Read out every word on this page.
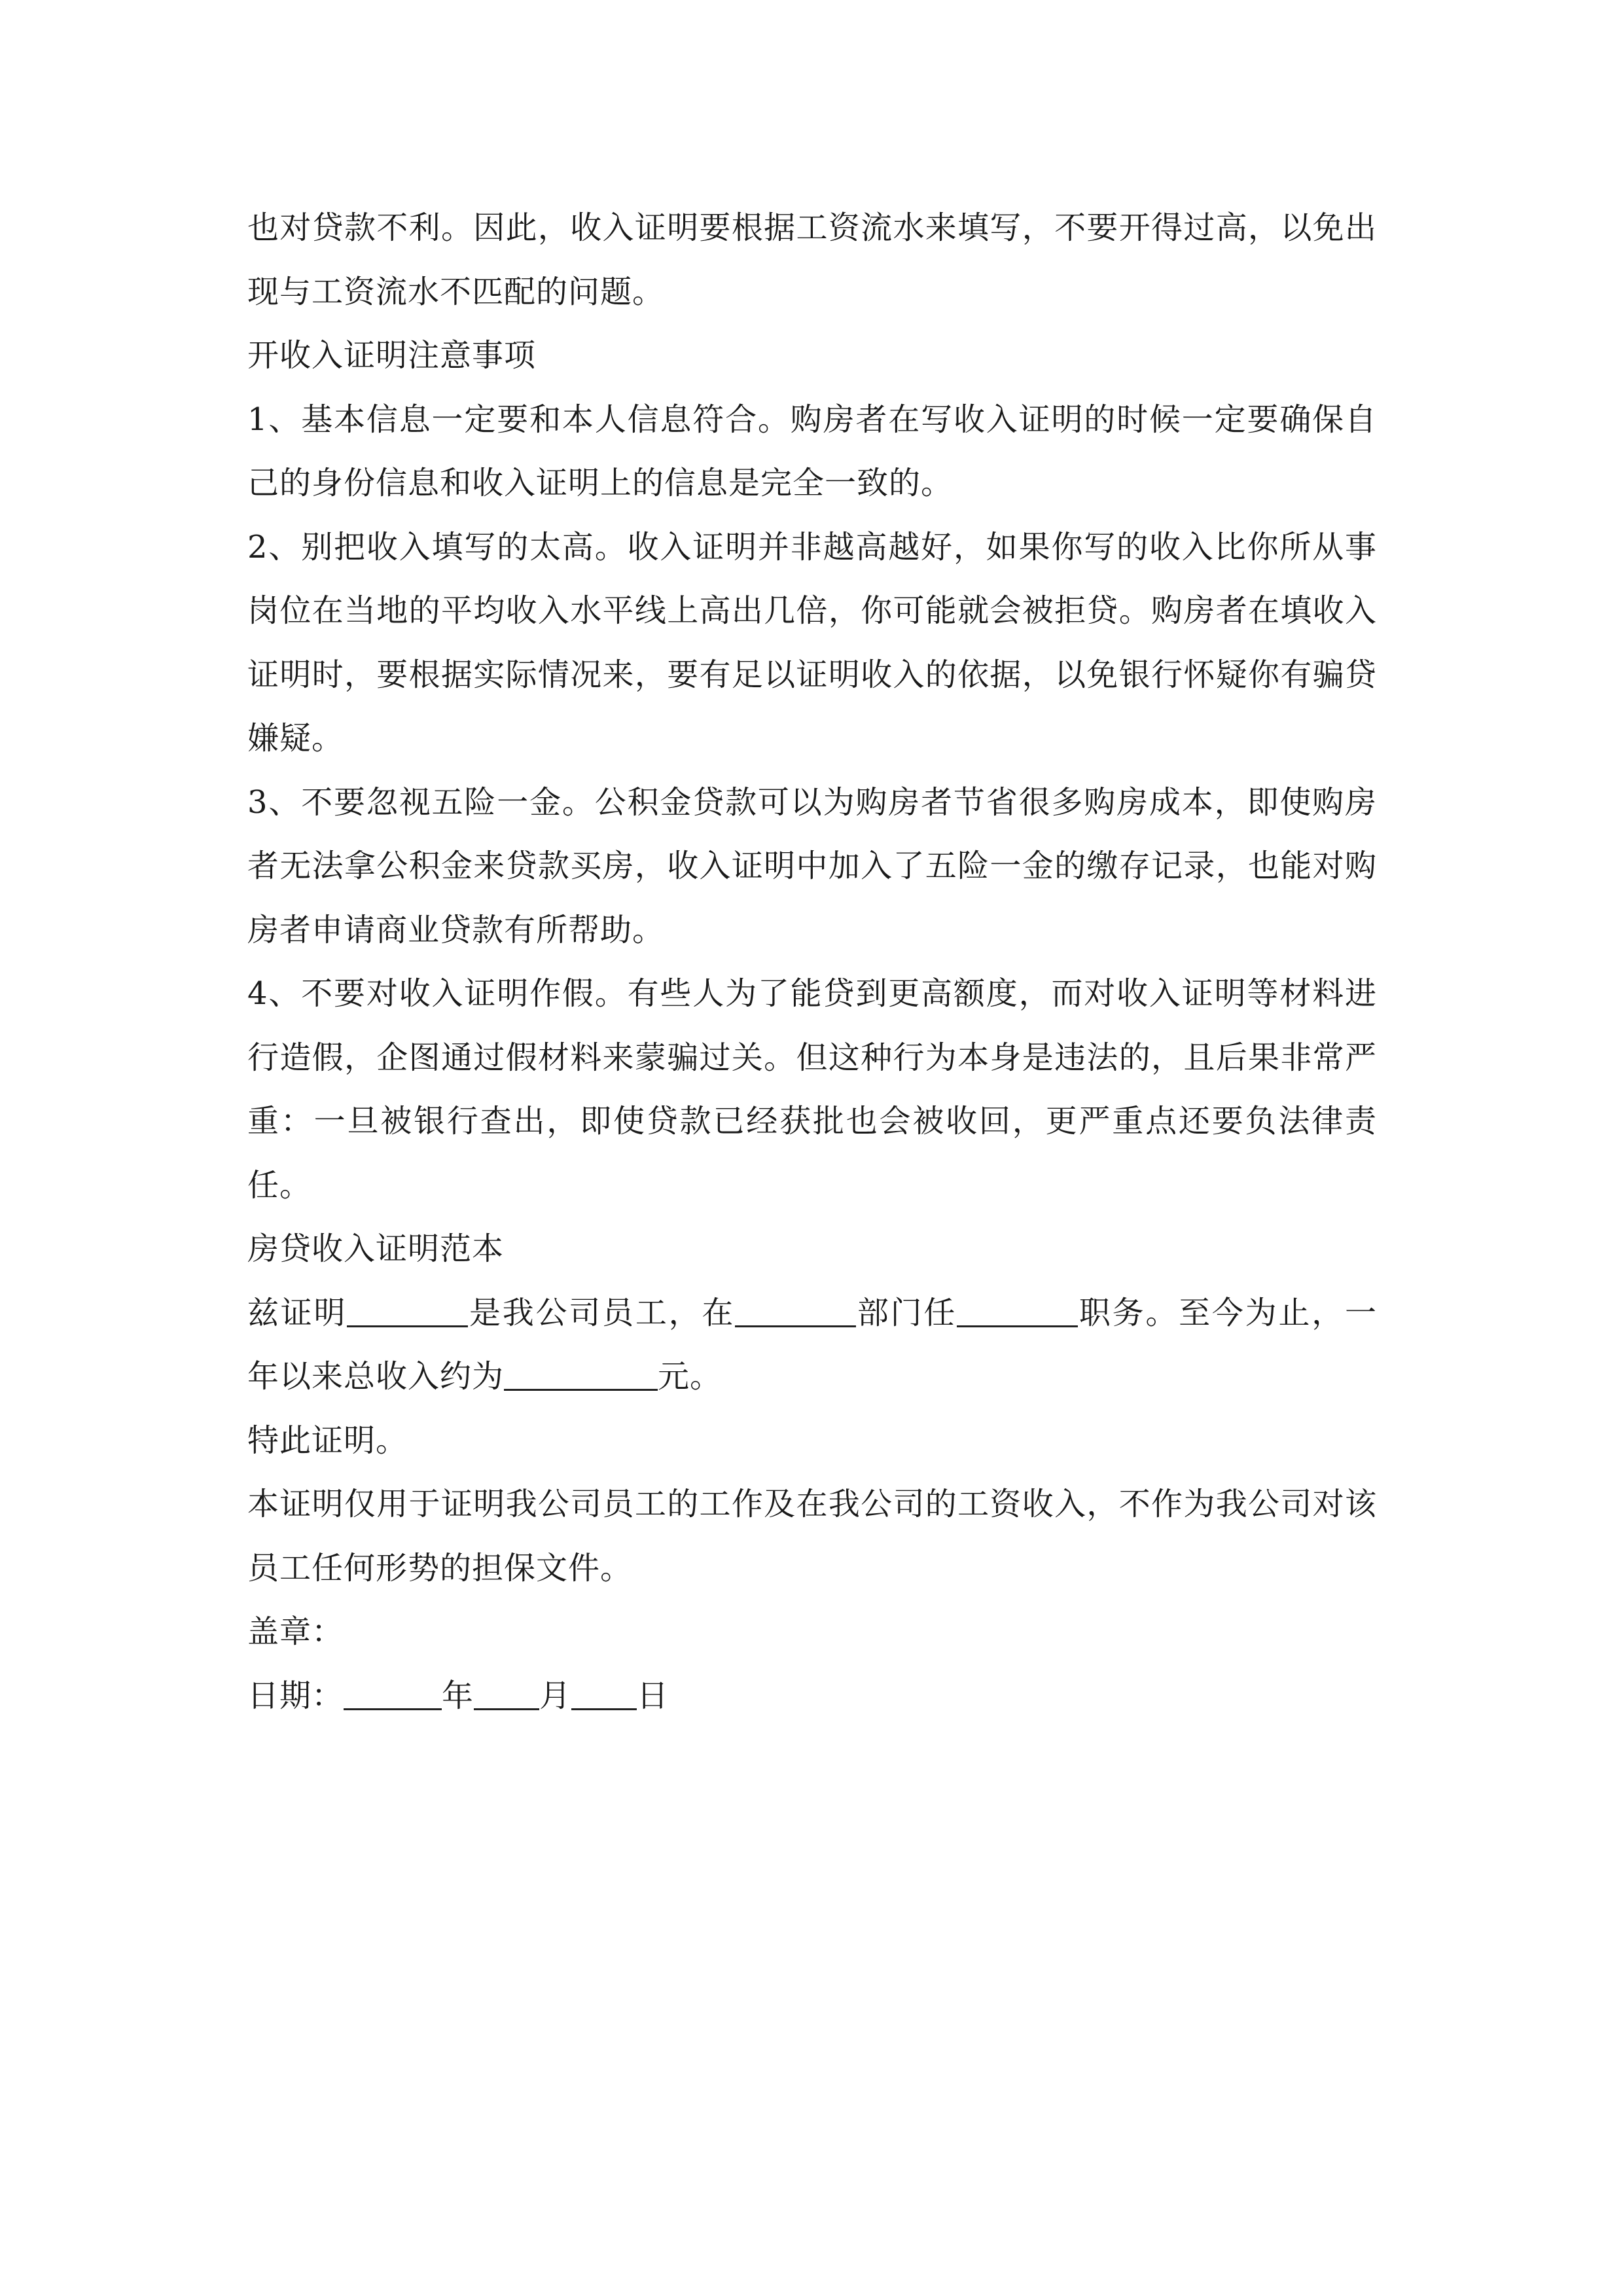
也对贷款不利。因此，收入证明要根据工资流水来填写，不要开得过高，以免出现与工资流水不匹配的问题。

开收入证明注意事项

1、基本信息一定要和本人信息符合。购房者在写收入证明的时候一定要确保自己的身份信息和收入证明上的信息是完全一致的。

2、别把收入填写的太高。收入证明并非越高越好，如果你写的收入比你所从事岗位在当地的平均收入水平线上高出几倍，你可能就会被拒贷。购房者在填收入证明时，要根据实际情况来，要有足以证明收入的依据，以免银行怀疑你有骗贷嫌疑。

3、不要忽视五险一金。公积金贷款可以为购房者节省很多购房成本，即使购房者无法拿公积金来贷款买房，收入证明中加入了五险一金的缴存记录，也能对购房者申请商业贷款有所帮助。

4、不要对收入证明作假。有些人为了能贷到更高额度，而对收入证明等材料进行造假，企图通过假材料来蒙骗过关。但这种行为本身是违法的，且后果非常严重：一旦被银行查出，即使贷款已经获批也会被收回，更严重点还要负法律责任。

房贷收入证明范本

兹证明	是我公司员工，在	部门任	职务。至今为止，一年以来总收入约为	元。

特此证明。

本证明仅用于证明我公司员工的工作及在我公司的工资收入，不作为我公司对该员工任何形势的担保文件。

盖章：

日期：	年 月 日
